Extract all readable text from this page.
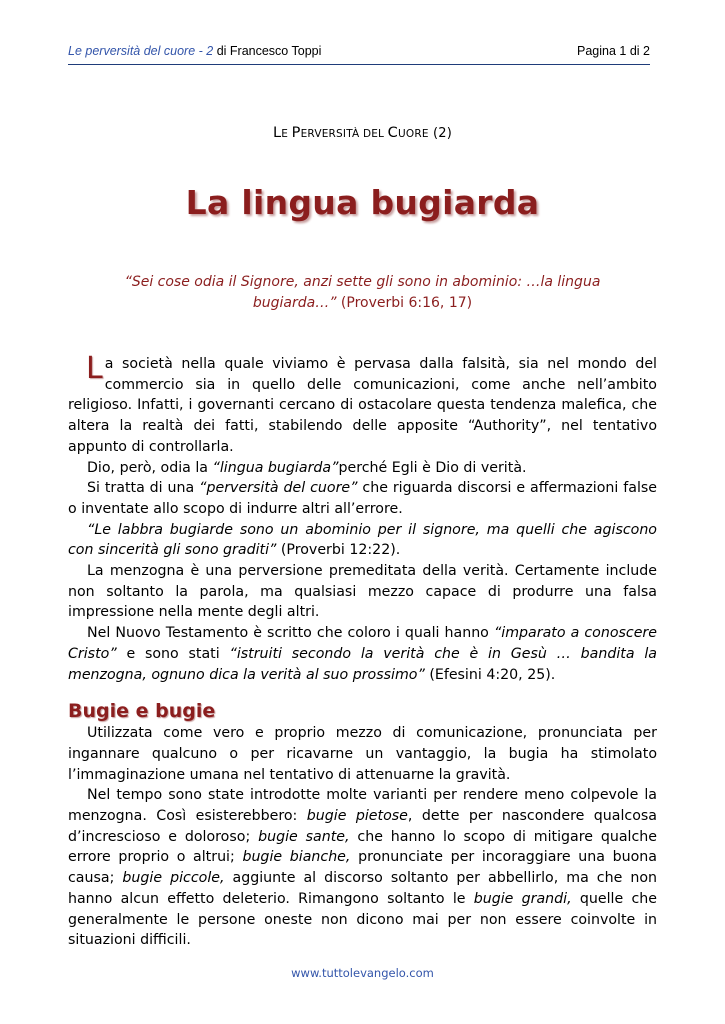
Le perversità del cuore - 2 di Francesco Toppi	Pagina 1 di 2
LE PERVERSITÀ DEL CUORE (2)
La lingua bugiarda
“Sei cose odia il Signore, anzi sette gli sono in abominio: …la lingua bugiarda…” (Proverbi 6:16, 17)

La società nella quale viviamo è pervasa dalla falsità, sia nel mondo del commercio sia in quello delle comunicazioni, come anche nell’ambito religioso. Infatti, i governanti cercano di ostacolare questa tendenza malefica, che altera la realtà dei fatti, stabilendo delle apposite “Authority”, nel tentativo appunto di controllarla.

Dio, però, odia la “lingua bugiarda”perché Egli è Dio di verità.

Si tratta di una “perversità del cuore” che riguarda discorsi e affermazioni false o inventate allo scopo di indurre altri all’errore.

“Le labbra bugiarde sono un abominio per il signore, ma quelli che agiscono con sincerità gli sono graditi” (Proverbi 12:22).

La menzogna è una perversione premeditata della verità. Certamente include non soltanto la parola, ma qualsiasi mezzo capace di produrre una falsa impressione nella mente degli altri.

Nel Nuovo Testamento è scritto che coloro i quali hanno “imparato a conoscere Cristo” e sono stati “istruiti secondo la verità che è in Gesù … bandita la menzogna, ognuno dica la verità al suo prossimo” (Efesini 4:20, 25).

Bugie e bugie

Utilizzata come vero e proprio mezzo di comunicazione, pronunciata per ingannare qualcuno o per ricavarne un vantaggio, la bugia ha stimolato l’immaginazione umana nel tentativo di attenuarne la gravità.

Nel tempo sono state introdotte molte varianti per rendere meno colpevole la menzogna. Così esisterebbero: bugie pietose, dette per nascondere qualcosa d’increscioso e doloroso; bugie sante, che hanno lo scopo di mitigare qualche errore proprio o altrui; bugie bianche, pronunciate per incoraggiare una buona causa; bugie piccole, aggiunte al discorso soltanto per abbellirlo, ma che non hanno alcun effetto deleterio. Rimangono soltanto le bugie grandi, quelle che generalmente le persone oneste non dicono mai per non essere coinvolte in situazioni difficili.

www.tuttolevangelo.com
